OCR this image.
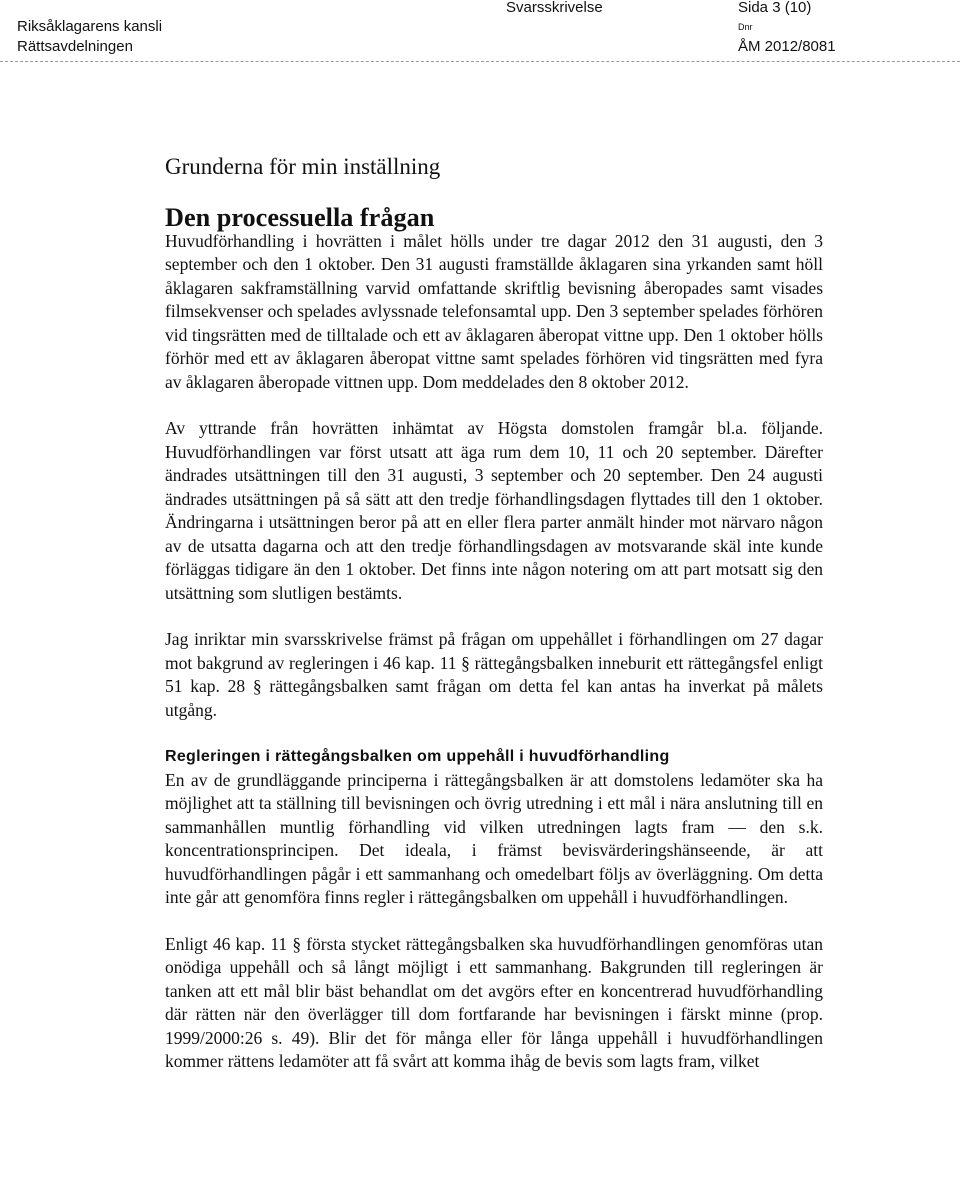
Riksåklagarens kansli
Rättsavdelningen
Svarsskrivelse	Sida 3 (10)
Dnr
ÅM 2012/8081
Grunderna för min inställning
Den processuella frågan

Huvudförhandling i hovrätten i målet hölls under tre dagar 2012 den 31 augusti, den 3 september och den 1 oktober. Den 31 augusti framställde åklagaren sina yrkanden samt höll åklagaren sakframställning varvid omfattande skriftlig bevisning åberopades samt visades filmsekvenser och spelades avlyssnade telefonsamtal upp. Den 3 september spelades förhören vid tingsrätten med de tilltalade och ett av åklagaren åberopat vittne upp. Den 1 oktober hölls förhör med ett av åklagaren åberopat vittne samt spelades förhören vid tingsrätten med fyra av åklagaren åberopade vittnen upp. Dom meddelades den 8 oktober 2012.

Av yttrande från hovrätten inhämtat av Högsta domstolen framgår bl.a. följande. Huvudförhandlingen var först utsatt att äga rum dem 10, 11 och 20 september. Därefter ändrades utsättningen till den 31 augusti, 3 september och 20 september. Den 24 augusti ändrades utsättningen på så sätt att den tredje förhandlingsdagen flyttades till den 1 oktober. Ändringarna i utsättningen beror på att en eller flera parter anmält hinder mot närvaro någon av de utsatta dagarna och att den tredje förhandlingsdagen av motsvarande skäl inte kunde förläggas tidigare än den 1 oktober. Det finns inte någon notering om att part motsatt sig den utsättning som slutligen bestämts.

Jag inriktar min svarsskrivelse främst på frågan om uppehållet i förhandlingen om 27 dagar mot bakgrund av regleringen i 46 kap. 11 § rättegångsbalken inneburit ett rättegångsfel enligt 51 kap. 28 § rättegångsbalken samt frågan om detta fel kan antas ha inverkat på målets utgång.

Regleringen i rättegångsbalken om uppehåll i huvudförhandling

En av de grundläggande principerna i rättegångsbalken är att domstolens ledamöter ska ha möjlighet att ta ställning till bevisningen och övrig utredning i ett mål i nära anslutning till en sammanhållen muntlig förhandling vid vilken utredningen lagts fram — den s.k. koncentrationsprincipen. Det ideala, i främst bevisvärderingshänseende, är att huvudförhandlingen pågår i ett sammanhang och omedelbart följs av överläggning. Om detta inte går att genomföra finns regler i rättegångsbalken om uppehåll i huvudförhandlingen.

Enligt 46 kap. 11 § första stycket rättegångsbalken ska huvudförhandlingen genomföras utan onödiga uppehåll och så långt möjligt i ett sammanhang. Bakgrunden till regleringen är tanken att ett mål blir bäst behandlat om det avgörs efter en koncentrerad huvudförhandling där rätten när den överlägger till dom fortfarande har bevisningen i färskt minne (prop. 1999/2000:26 s. 49). Blir det för många eller för långa uppehåll i huvudförhandlingen kommer rättens ledamöter att få svårt att komma ihåg de bevis som lagts fram, vilket
